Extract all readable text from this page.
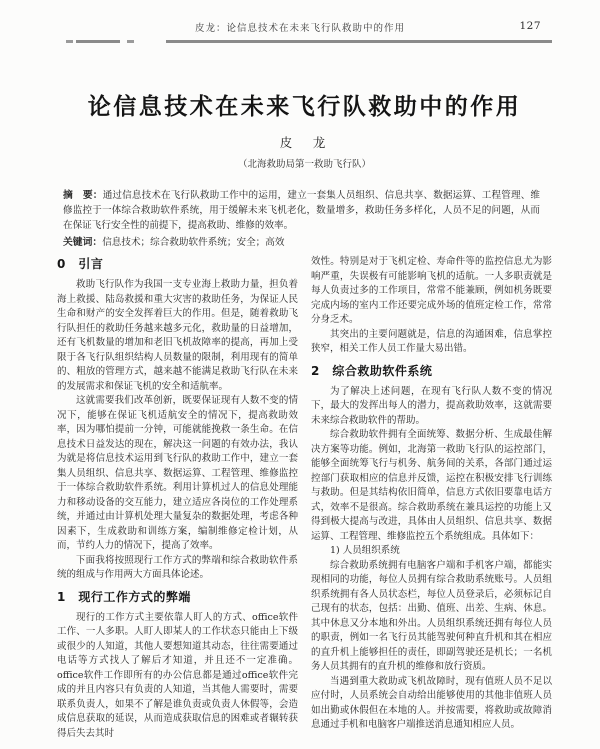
皮龙：论信息技术在未来飞行队救助中的作用	127
论信息技术在未来飞行队救助中的作用
皮　龙
（北海救助局第一救助飞行队）

摘　要：通过信息技术在飞行队救助工作中的运用，建立一套集人员组织、信息共享、数据运算、工程管理、维修监控于一体综合救助软件系统，用于缓解未来飞机老化，数量增多，救助任务多样化，人员不足的问题，从而在保证飞行安全性的前提下，提高救助、维修的效率。

关键词：信息技术；综合救助软件系统；安全；高效

0　引言

救助飞行队作为我国一支专业海上救助力量，担负着海上救援、陆岛救援和重大灾害的救助任务，为保证人民生命和财产的安全发挥着巨大的作用。但是，随着救助飞行队担任的救助任务越来越多元化，救助量的日益增加，还有飞机数量的增加和老旧飞机故障率的提高，再加上受限于各飞行队组织结构人员数量的限制，利用现有的简单的、粗放的管理方式，越来越不能满足救助飞行队在未来的发展需求和保证飞机的安全和适航率。

这就需要我们改革创新，既要保证现有人数不变的情况下，能够在保证飞机适航安全的情况下，提高救助效率，因为哪怕提前一分钟，可能就能挽救一条生命。在信息技术日益发达的现在，解决这一问题的有效办法，我认为就是将信息技术运用到飞行队的救助工作中，建立一套集人员组织、信息共享、数据运算、工程管理、维修监控于一体综合救助软件系统。利用计算机过人的信息处理能力和移动设备的交互能力，建立适应各岗位的工作处理系统，并通过由计算机处理大量复杂的数据处理，考虑各种因素下，生成救助和训练方案，编制维修定检计划，从而，节约人力的情况下，提高了效率。

下面我将按照现行工作方式的弊端和综合救助软件系统的组成与作用两大方面具体论述。

1　现行工作方式的弊端

现行的工作方式主要依靠人盯人的方式、office软件工作、一人多职。人盯人即某人的工作状态只能由上下级或很少的人知道，其他人要想知道其动态，往往需要通过电话等方式找人了解后才知道，并且还不一定准确。office软件工作即所有的办公信息都是通过office软件完成的并且内容只有负责的人知道，当其他人需要时，需要联系负责人，如果不了解是谁负责或负责人休假等，会造成信息获取的延误，从而造成获取信息的困难或者辗转获得后失去其时

效性。特别是对于飞机定检、寿命件等的监控信息尤为影响严重，失误极有可能影响飞机的适航。一人多职责就是每人负责过多的工作项目，常常不能兼顾，例如机务既要完成内场的室内工作还要完成外场的值班定检工作，常常分身乏术。

其突出的主要问题就是，信息的沟通困难，信息掌控狭窄，相关工作人员工作量大易出错。

2　综合救助软件系统

为了解决上述问题，在现有飞行队人数不变的情况下，最大的发挥出每人的潜力，提高救助效率，这就需要未来综合救助软件的帮助。

综合救助软件拥有全面统筹、数据分析、生成最佳解决方案等功能。例如，北海第一救助飞行队的运控部门，能够全面统筹飞行与机务、航务间的关系，各部门通过运控部门获取相应的信息并反馈，运控在积极安排飞行训练与救助。但是其结构依旧简单，信息方式依旧要靠电话方式，效率不是很高。综合救助系统在兼具运控的功能上又得到极大提高与改进，具体由人员组织、信息共享、数据运算、工程管理、维修监控五个系统组成。具体如下：

1) 人员组织系统

综合救助系统拥有电脑客户端和手机客户端，都能实现相同的功能，每位人员拥有综合救助系统账号。人员组织系统拥有各人员状态栏，每位人员登录后，必须标记自己现有的状态，包括：出勤、值班、出差、生病、休息。其中休息又分本地和外出。人员组织系统还拥有每位人员的职责，例如一名飞行员其能驾驶何种直升机和其在相应的直升机上能够担任的责任，即副驾驶还是机长；一名机务人员其拥有的直升机的维修和放行资质。

当遇到重大救助或飞机故障时，现有值班人员不足以应付时，人员系统会自动给出能够使用的其他非值班人员如出勤或休假但在本地的人。并按需要，将救助或故障消息通过手机和电脑客户端推送消息通知相应人员。
